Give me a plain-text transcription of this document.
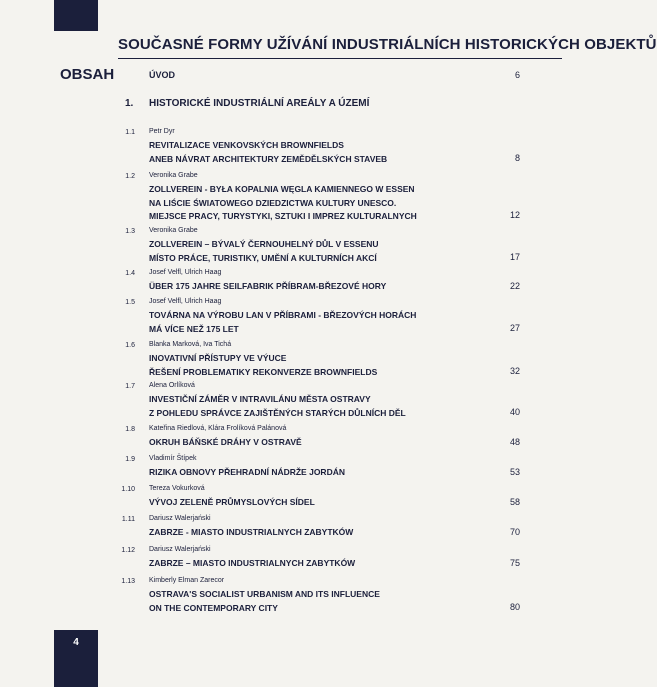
SOUČASNÉ FORMY UŽÍVÁNÍ INDUSTRIÁLNÍCH HISTORICKÝCH OBJEKTŮ
OBSAH	ÚVOD	6
1. HISTORICKÉ INDUSTRIÁLNÍ AREÁLY A ÚZEMÍ
1.1 Petr Dyr
REVITALIZACE VENKOVSKÝCH BROWNFIELDS
ANEB NÁVRAT ARCHITEKTURY ZEMĚDĚLSKÝCH STAVEB	8
1.2 Veronika Grabe
ZOLLVEREIN - BYŁA KOPALNIA WĘGLA KAMIENNEGO W ESSEN
NA LIŚCIE ŚWIATOWEGO DZIEDZICTWA KULTURY UNESCO.
MIEJSCE PRACY, TURYSTYKI, SZTUKI I IMPREZ KULTURALNYCH	12
1.3 Veronika Grabe
ZOLLVEREIN – BÝVALÝ ČERNOUHELNÝ DŮL V ESSENU
MÍSTO PRÁCE, TURISTIKY, UMĚNÍ A KULTURNÍCH AKCÍ	17
1.4 Josef Velfl, Ulrich Haag
ÜBER 175 JAHRE SEILFABRIK PŘÍBRAM-BŘEZOVÉ HORY	22
1.5 Josef Velfl, Ulrich Haag
TOVÁRNA NA VÝROBU LAN V PŘÍBRAMI - BŘEZOVÝCH HORÁCH
MÁ VÍCE NEŽ 175 LET	27
1.6 Blanka Marková, Iva Tichá
INOVATIVNÍ PŘÍSTUPY VE VÝUCE
ŘEŠENÍ PROBLEMATIKY REKONVERZE BROWNFIELDS	32
1.7 Alena Orlíková
INVESTIČNÍ ZÁMĚR V INTRAVILÁNU MĚSTA OSTRAVY
Z POHLEDU SPRÁVCE ZAJIŠTĚNÝCH STARÝCH DŮLNÍCH DĚL	40
1.8 Kateřina Riedlová, Klára Frolíková Palánová
OKRUH BÁŇSKÉ DRÁHY V OSTRAVĚ	48
1.9 Vladimír Štípek
RIZIKA OBNOVY PŘEHRADNÍ NÁDRŽE JORDÁN	53
1.10 Tereza Vokurková
VÝVOJ ZELENĚ PRŮMYSLOVÝCH SÍDEL	58
1.11 Dariusz Walerjański
ZABRZE - MIASTO INDUSTRIALNYCH ZABYTKÓW	70
1.12 Dariusz Walerjański
ZABRZE – MIASTO INDUSTRIALNYCH ZABYTKÓW	75
1.13 Kimberly Elman Zarecor
OSTRAVA'S SOCIALIST URBANISM AND ITS INFLUENCE
ON THE CONTEMPORARY CITY	80
4
